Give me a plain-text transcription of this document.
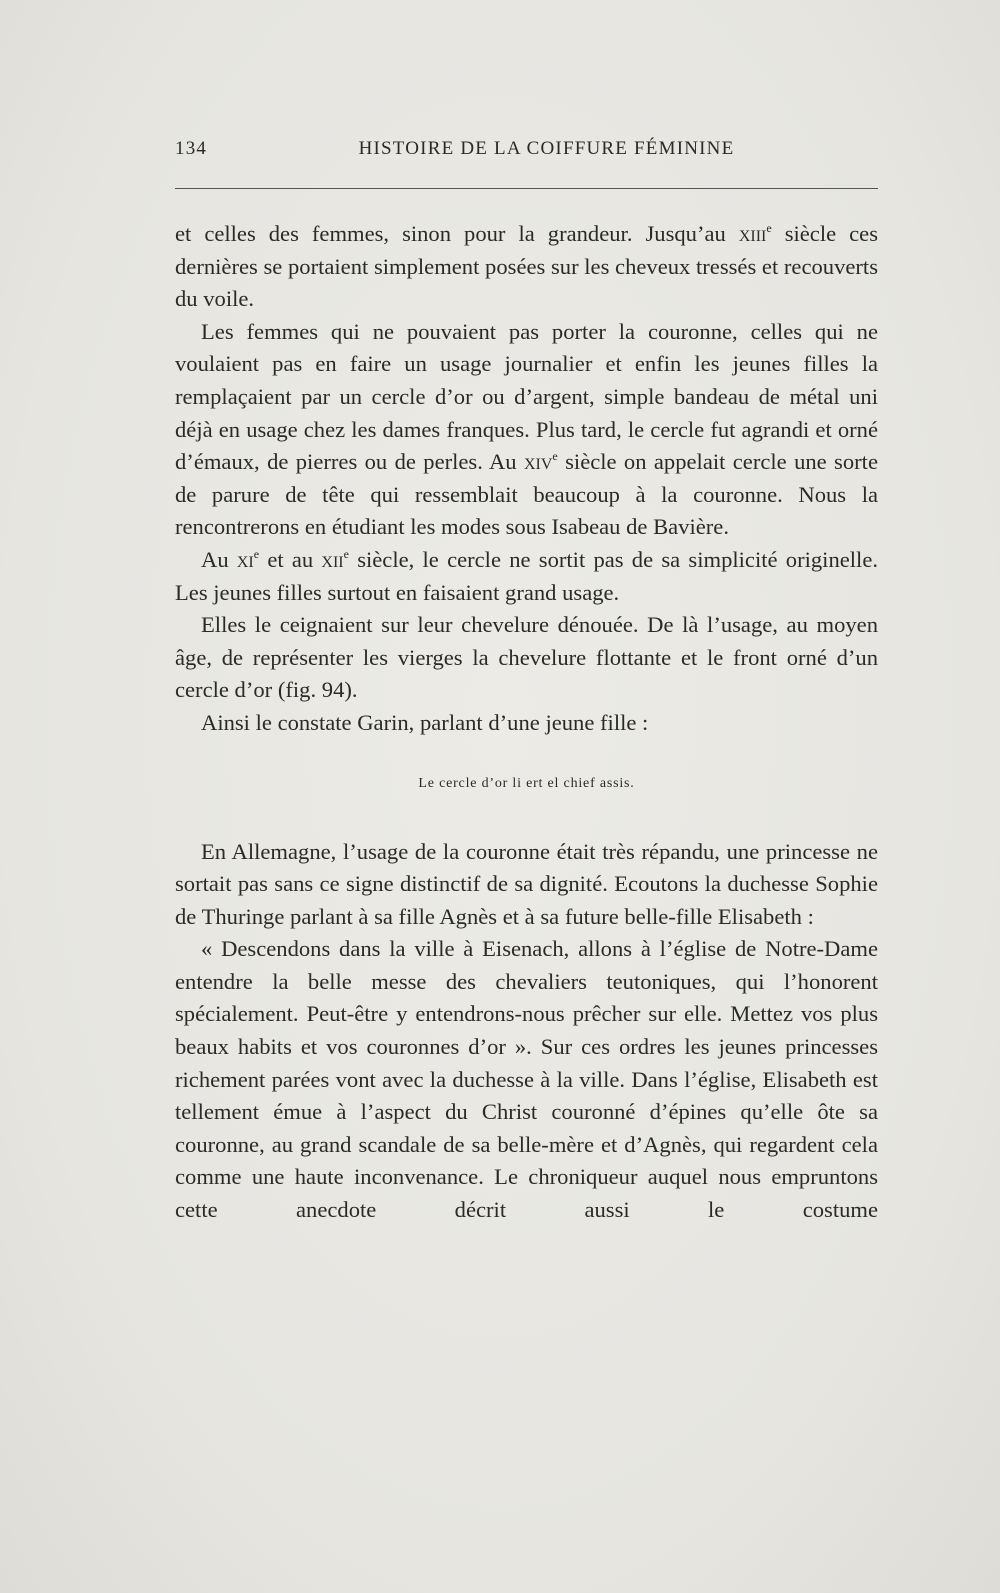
134	HISTOIRE DE LA COIFFURE FÉMININE

et celles des femmes, sinon pour la grandeur. Jusqu’au xiii$^e$ siècle ces dernières se portaient simplement posées sur les cheveux tressés et recouverts du voile.

Les femmes qui ne pouvaient pas porter la couronne, celles qui ne voulaient pas en faire un usage journalier et enfin les jeunes filles la remplaçaient par un cercle d’or ou d’argent, simple bandeau de métal uni déjà en usage chez les dames franques. Plus tard, le cercle fut agrandi et orné d’émaux, de pierres ou de perles. Au xiv$^e$ siècle on appelait cercle une sorte de parure de tête qui ressemblait beaucoup à la couronne. Nous la rencontrerons en étudiant les modes sous Isabeau de Bavière.

Au $xi^e$ et au xii$^e$ siècle, le cercle ne sortit pas de sa simplicité originelle. Les jeunes filles surtout en faisaient grand usage.

Elles le ceignaient sur leur chevelure dénouée. De là l’usage, au moyen âge, de représenter les vierges la chevelure flottante et le front orné d’un cercle d’or (fig. 94).

Ainsi le constate Garin, parlant d’une jeune fille :

Le cercle d’or li ert el chief assis.

En Allemagne, l’usage de la couronne était très répandu, une princesse ne sortait pas sans ce signe distinctif de sa dignité. Ecoutons la duchesse Sophie de Thuringe parlant à sa fille Agnès et à sa future belle-fille Elisabeth :

« Descendons dans la ville à Eisenach, allons à l’église de Notre-Dame entendre la belle messe des chevaliers teutoniques, qui l’honorent spécialement. Peut-être y entendrons-nous prêcher sur elle. Mettez vos plus beaux habits et vos couronnes d’or ». Sur ces ordres les jeunes princesses richement parées vont avec la duchesse à la ville. Dans l’église, Elisabeth est tellement émue à l’aspect du Christ couronné d’épines qu’elle ôte sa couronne, au grand scandale de sa belle-mère et d’Agnès, qui regardent cela comme une haute inconvenance. Le chroniqueur auquel nous empruntons cette anecdote décrit aussi le costume
